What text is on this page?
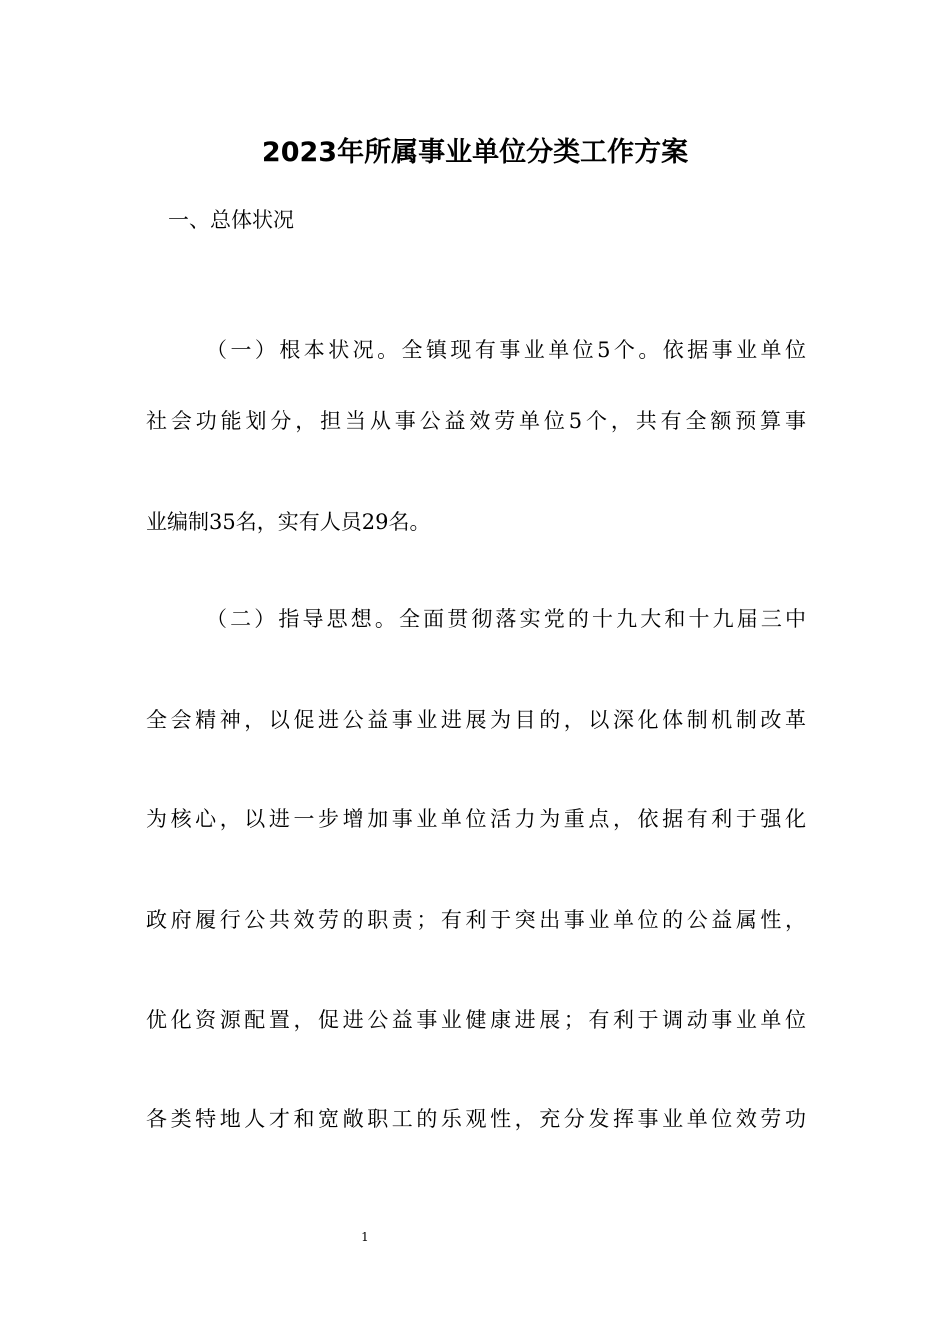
2023年所属事业单位分类工作方案
一、总体状况
（一）根本状况。全镇现有事业单位5个。依据事业单位
社会功能划分，担当从事公益效劳单位5个，共有全额预算事
业编制35名，实有人员29名。
（二）指导思想。全面贯彻落实党的十九大和十九届三中
全会精神，以促进公益事业进展为目的，以深化体制机制改革
为核心，以进一步增加事业单位活力为重点，依据有利于强化
政府履行公共效劳的职责；有利于突出事业单位的公益属性，
优化资源配置，促进公益事业健康进展；有利于调动事业单位
各类特地人才和宽敞职工的乐观性，充分发挥事业单位效劳功
1
